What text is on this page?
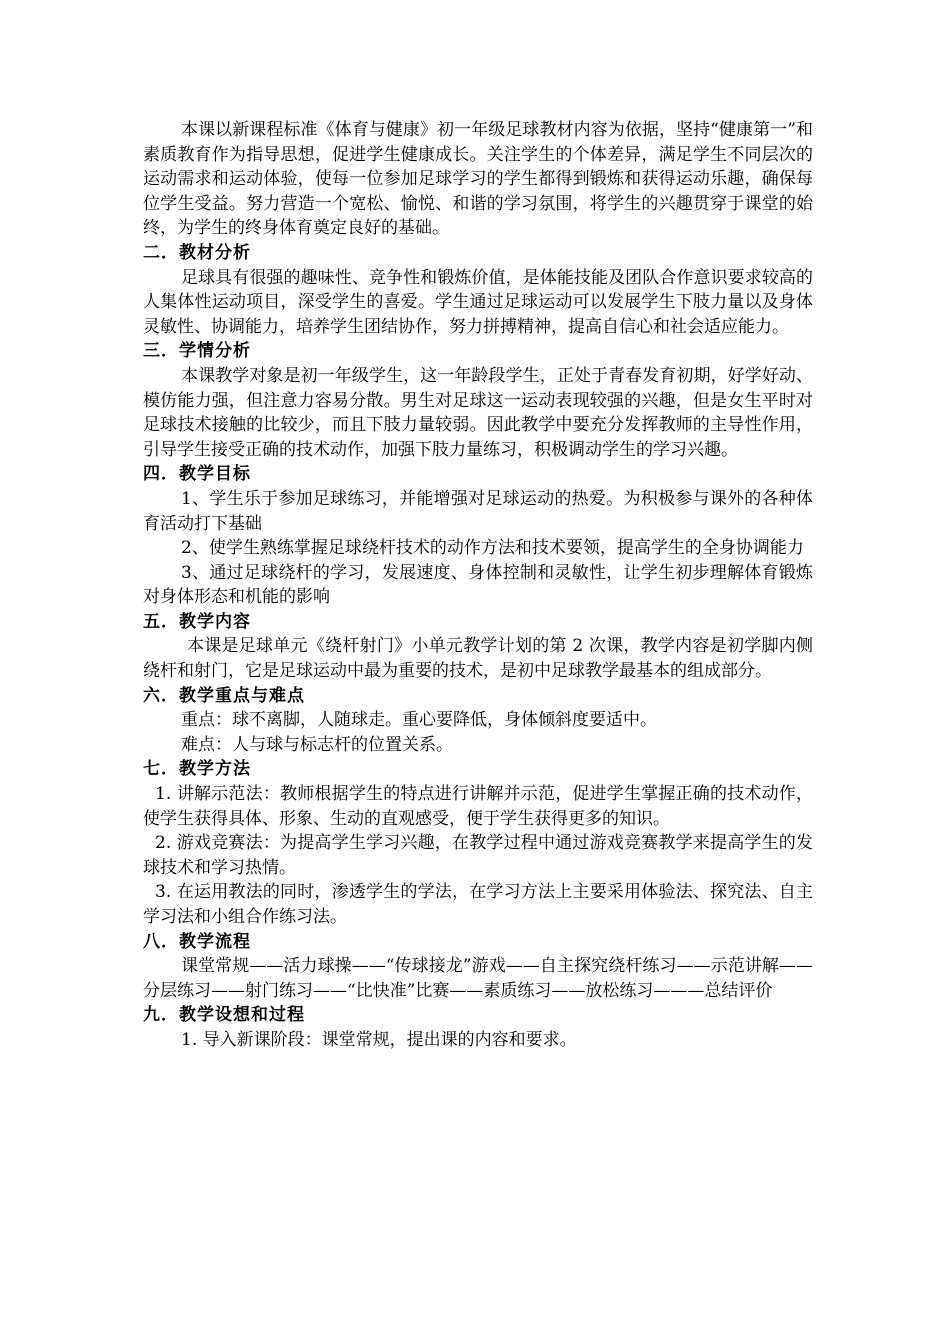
本课以新课程标准《体育与健康》初一年级足球教材内容为依据，坚持“健康第一”和素质教育作为指导思想，促进学生健康成长。关注学生的个体差异，满足学生不同层次的运动需求和运动体验，使每一位参加足球学习的学生都得到锻炼和获得运动乐趣，确保每位学生受益。努力营造一个宽松、愉悦、和谐的学习氛围，将学生的兴趣贯穿于课堂的始终，为学生的终身体育奠定良好的基础。

二．教材分析

足球具有很强的趣味性、竞争性和锻炼价值，是体能技能及团队合作意识要求较高的人集体性运动项目，深受学生的喜爱。学生通过足球运动可以发展学生下肢力量以及身体灵敏性、协调能力，培养学生团结协作，努力拼搏精神，提高自信心和社会适应能力。

三．学情分析

本课教学对象是初一年级学生，这一年龄段学生，正处于青春发育初期，好学好动、模仿能力强，但注意力容易分散。男生对足球这一运动表现较强的兴趣，但是女生平时对足球技术接触的比较少，而且下肢力量较弱。因此教学中要充分发挥教师的主导性作用，引导学生接受正确的技术动作，加强下肢力量练习，积极调动学生的学习兴趣。

四．教学目标

1、学生乐于参加足球练习，并能增强对足球运动的热爱。为积极参与课外的各种体育活动打下基础

2、使学生熟练掌握足球绕杆技术的动作方法和技术要领，提高学生的全身协调能力

3、通过足球绕杆的学习，发展速度、身体控制和灵敏性，让学生初步理解体育锻炼对身体形态和机能的影响

五．教学内容

本课是足球单元《绕杆射门》小单元教学计划的第 2 次课，教学内容是初学脚内侧绕杆和射门，它是足球运动中最为重要的技术，是初中足球教学最基本的组成部分。

六．教学重点与难点

重点：球不离脚，人随球走。重心要降低，身体倾斜度要适中。

难点：人与球与标志杆的位置关系。

七．教学方法

1. 讲解示范法：教师根据学生的特点进行讲解并示范，促进学生掌握正确的技术动作，使学生获得具体、形象、生动的直观感受，便于学生获得更多的知识。

2. 游戏竞赛法：为提高学生学习兴趣，在教学过程中通过游戏竞赛教学来提高学生的发球技术和学习热情。

3. 在运用教法的同时，渗透学生的学法，在学习方法上主要采用体验法、探究法、自主学习法和小组合作练习法。

八．教学流程

课堂常规——活力球操——“传球接龙”游戏——自主探究绕杆练习——示范讲解——分层练习——射门练习——“比快准”比赛——素质练习——放松练习———总结评价

九．教学设想和过程

1. 导入新课阶段：课堂常规，提出课的内容和要求。
